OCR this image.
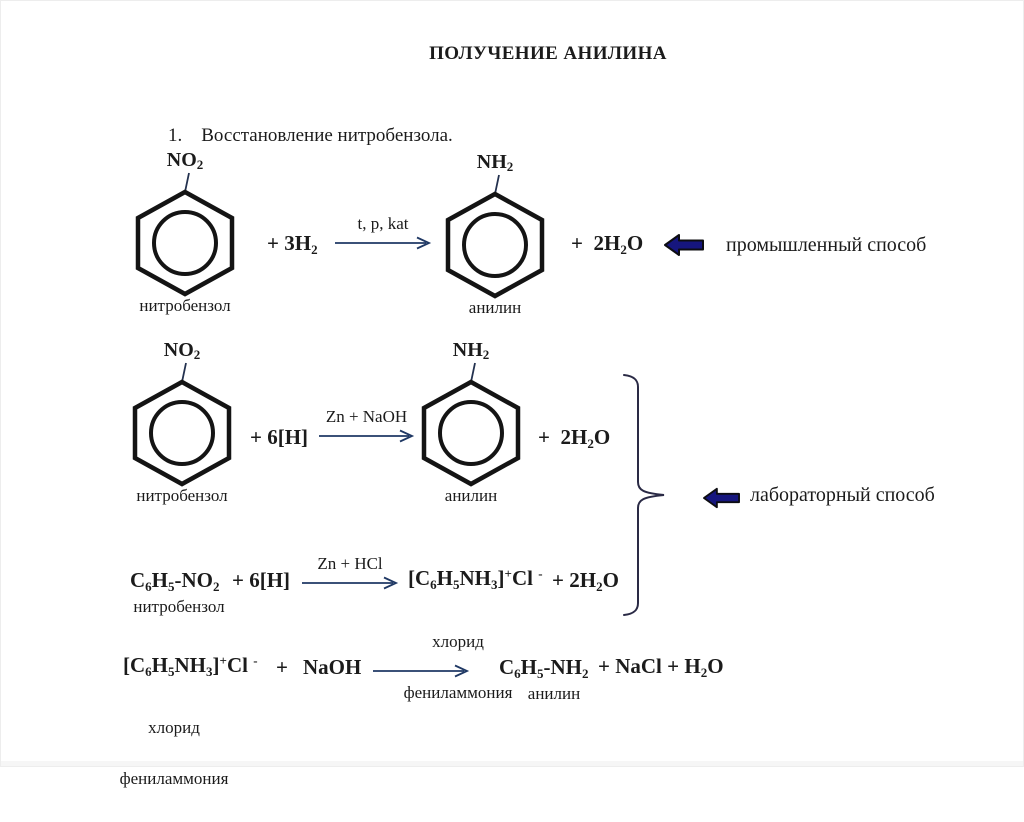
ПОЛУЧЕНИЕ АНИЛИНА

1. Восстановление нитробензола.

$NO_2$
нитробензол
+ $3H_2$
t, p, kat
$NH_2$
анилин
+  $2H_2O$	промышленный способ
$NO_2$
нитробензол
+ 6[H]
Zn + NaOH
$NH_2$
анилин
+  $2H_2O$
лабораторный способ
$C_6H_5-NO_2$
нитробензол
+ 6[H]
Zn + HCl
$[C_6H_5NH_3]^+Cl$ -

хлорид

фениламмония

+ $2H_2O$
$[C_6H_5NH_3]^+Cl$ -

хлорид

фениламмония

+ NaOH	$C_6H_5-NH_2$
анилин
+ NaCl + $H_2O$
